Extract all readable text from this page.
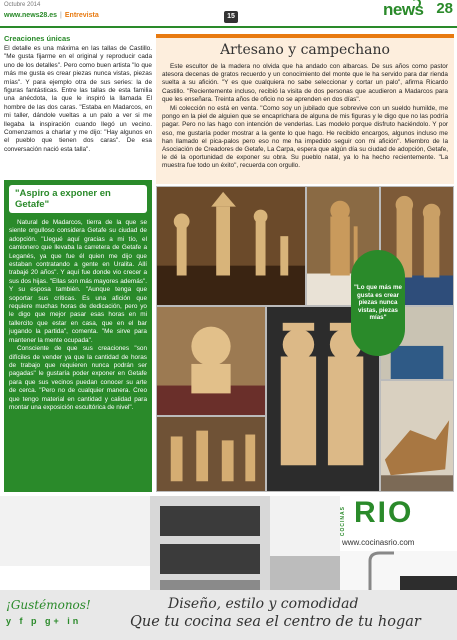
Octubre 2014
www.news28.es | Entrevista	15	news 28
Creaciones únicas

El detalle es una máxima en las tallas de Castillo. "Me gusta fijarme en el original y reproducir cada uno de los detalles". Pero como buen artista "lo que más me gusta es crear piezas nunca vistas, piezas mías". Y para ejemplo otra de sus series: la de figuras fantásticas. Entre las tallas de esta familia una anécdota, la que le inspiró la llamada El hombre de las dos caras. "Estaba en Madarcos, en mi taller, dándole vueltas a un palo a ver si me llegaba la inspiración cuando llegó un vecino. Comenzamos a charlar y me dijo: "Hay algunos en el pueblo que tienen dos caras". De esa conversación nació esta talla".

"Aspiro a exponer en Getafe"

Natural de Madarcos, tierra de la que se siente orgulloso considera Getafe su ciudad de adopción. "Llegué aquí gracias a mi tío, el camionero que llevaba la carretera de Getafe a Leganés, ya que fue él quien me dijo que estaban contratando a gente en Uralita. Allí trabajé 20 años". Y aquí fue donde vio crecer a sus dos hijas. "Ellas son más mayores además". Y su esposa también. "Aunque tenga que soportar sus críticas. Es una afición que requiere muchas horas de dedicación, pero yo le digo que mejor pasar esas horas en mi tallercito que estar en casa, que en el bar jugando la partida", comenta. "Me sirve para mantener la mente ocupada".

Consciente de que sus creaciones "son difíciles de vender ya que la cantidad de horas de trabajo que requieren nunca podrán ser pagadas" le gustaría poder exponer en Getafe para que sus vecinos puedan conocer su arte de cerca. "Pero no de cualquier manera. Creo que tengo material en cantidad y calidad para montar una exposición escultórica de nivel".

Artesano y campechano

Este escultor de la madera no olvida que ha andado con albarcas. De sus años como pastor atesora decenas de gratos recuerdo y un conocimiento del monte que le ha servido para dar rienda suelta a su afición. "Y es que cualquiera no sabe seleccionar y cortar un palo", afirma Ricardo Castillo. "Recientemente incluso, recibió la visita de dos personas que acudieron a Madarcos para que les enseñara. Treinta años de oficio no se aprenden en dos días".

Mi colección no está en venta. "Como soy un jubilado que sobrevive con un sueldo humilde, me pongo en la piel de alguien que se encapricharа de alguna de mis figuras y le digo que no las podría pagar. Pero no las hago con intención de venderlas. Las modelo porque disfruto haciéndolo. Y por eso, me gustaría poder mostrar a la gente lo que hago. He recibido encargos, algunos incluso me han llamado el pica-palos pero eso no me ha impedido seguir con mi afición". Miembro de la Asociación de Creadores de Getafe, La Carpa, espera que algún día su ciudad de adopción, Getafe, le dé la oportunidad de exponer su obra. Su pueblo natal, ya lo ha hecho recientemente. "La muestra fue todo un éxito", recuerda con orgullo.

"Lo que más me gusta es crear piezas nunca vistas, piezas mías"
COCINAS RIO
www.cocinasrio.com
¡Gustémonos!
y f p g+ in
Diseño, estilo y comodidad
Que tu cocina sea el centro de tu hogar
